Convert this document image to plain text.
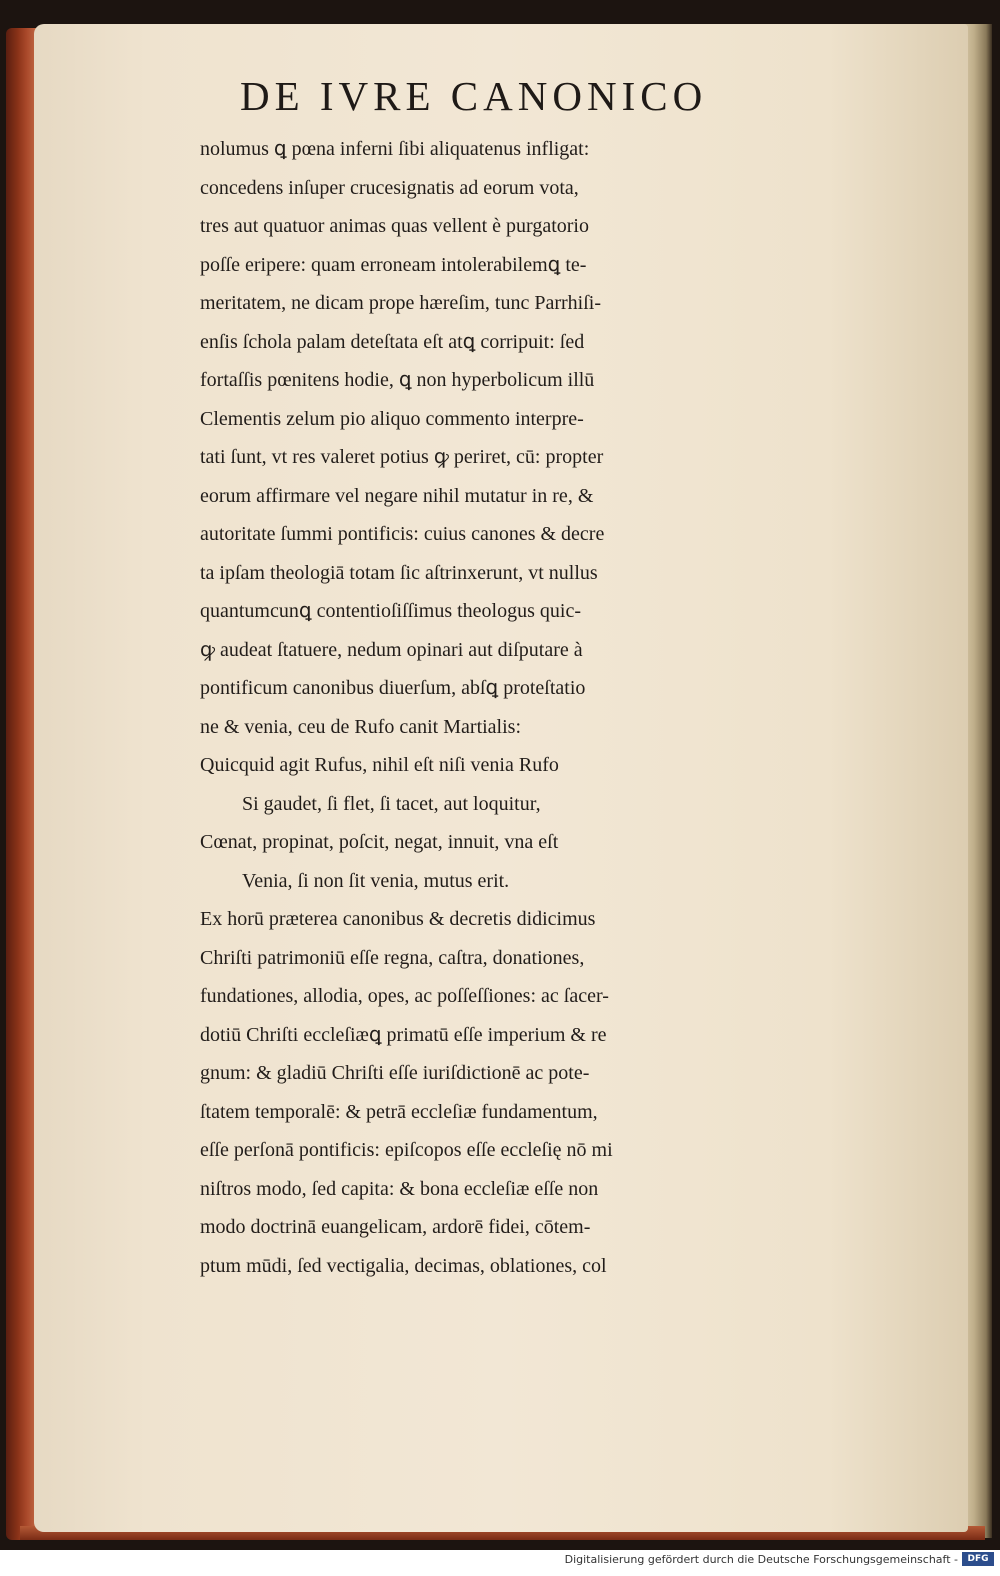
DE IVRE CANONICO
nolumus ꝗ pœna inferni ſibi aliquatenus infligat:
concedens inſuper crucesignatis ad eorum vota,
tres aut quatuor animas quas vellent è purgatorio
poſſe eripere: quam erroneam intolerabilemꝗ te-
meritatem, ne dicam prope hæreſim, tunc Parrhiſi-
enſis ſchola palam deteſtata eſt atꝗ corripuit: ſed
fortaſſis pœnitens hodie, ꝗ non hyperbolicum illū
Clementis zelum pio aliquo commento interpre-
tati ſunt, vt res valeret potius ꝙ periret, cū: propter
eorum affirmare vel negare nihil mutatur in re, &
autoritate ſummi pontificis: cuius canones & decre
ta ipſam theologiā totam ſic aſtrinxerunt, vt nullus
quantumcunꝗ contentioſiſſimus theologus quic-
ꝙ audeat ſtatuere, nedum opinari aut diſputare à
pontificum canonibus diuerſum, abſꝗ proteſtatio
ne & venia, ceu de Rufo canit Martialis:
Quicquid agit Rufus, nihil eſt niſi venia Rufo
Si gaudet, ſi flet, ſi tacet, aut loquitur,
Cœnat, propinat, poſcit, negat, innuit, vna eſt
Venia, ſi non ſit venia, mutus erit.
Ex horū præterea canonibus & decretis didicimus
Chriſti patrimoniū eſſe regna, caſtra, donationes,
fundationes, allodia, opes, ac poſſeſſiones: ac ſacer-
dotiū Chriſti eccleſiæꝗ primatū eſſe imperium & re
gnum: & gladiū Chriſti eſſe iuriſdictionē ac pote-
ſtatem temporalē: & petrā eccleſiæ fundamentum,
eſſe perſonā pontificis: epiſcopos eſſe eccleſię nō mi
niſtros modo, ſed capita: & bona eccleſiæ eſſe non
modo doctrinā euangelicam, ardorē fidei, cōtem-
ptum mūdi, ſed vectigalia, decimas, oblationes, col
Digitalisierung gefördert durch die Deutsche Forschungsgemeinschaft -	DFG
